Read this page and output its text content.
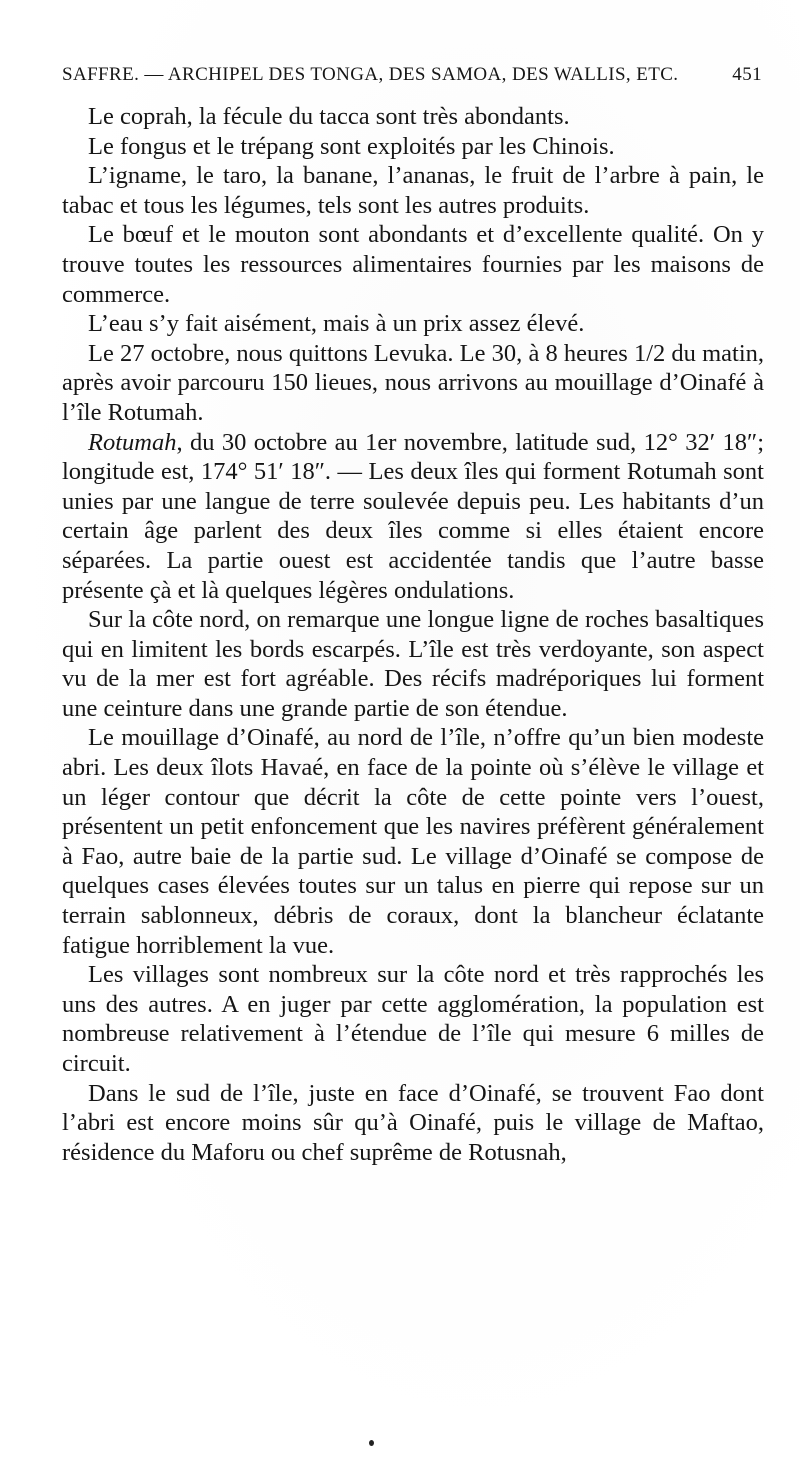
SAFFRE. — ARCHIPEL DES TONGA, DES SAMOA, DES WALLIS, ETC.	451

Le coprah, la fécule du tacca sont très abondants.

Le fongus et le trépang sont exploités par les Chinois.

L’igname, le taro, la banane, l’ananas, le fruit de l’arbre à pain, le tabac et tous les légumes, tels sont les autres produits.

Le bœuf et le mouton sont abondants et d’excellente qualité. On y trouve toutes les ressources alimentaires fournies par les maisons de commerce.

L’eau s’y fait aisément, mais à un prix assez élevé.

Le 27 octobre, nous quittons Levuka. Le 30, à 8 heures 1/2 du matin, après avoir parcouru 150 lieues, nous arrivons au mouillage d’Oinafé à l’île Rotumah.

Rotumah, du 30 octobre au 1er novembre, latitude sud, 12° 32′ 18″; longitude est, 174° 51′ 18″. — Les deux îles qui forment Rotumah sont unies par une langue de terre soulevée depuis peu. Les habitants d’un certain âge parlent des deux îles comme si elles étaient encore séparées. La partie ouest est accidentée tandis que l’autre basse présente çà et là quelques légères ondulations.

Sur la côte nord, on remarque une longue ligne de roches basaltiques qui en limitent les bords escarpés. L’île est très verdoyante, son aspect vu de la mer est fort agréable. Des récifs madréporiques lui forment une ceinture dans une grande partie de son étendue.

Le mouillage d’Oinafé, au nord de l’île, n’offre qu’un bien modeste abri. Les deux îlots Havaé, en face de la pointe où s’élève le village et un léger contour que décrit la côte de cette pointe vers l’ouest, présentent un petit enfoncement que les navires préfèrent généralement à Fao, autre baie de la partie sud. Le village d’Oinafé se compose de quelques cases élevées toutes sur un talus en pierre qui repose sur un terrain sablonneux, débris de coraux, dont la blancheur éclatante fatigue horriblement la vue.

Les villages sont nombreux sur la côte nord et très rapprochés les uns des autres. A en juger par cette agglomération, la population est nombreuse relativement à l’étendue de l’île qui mesure 6 milles de circuit.

Dans le sud de l’île, juste en face d’Oinafé, se trouvent Fao dont l’abri est encore moins sûr qu’à Oinafé, puis le village de Maftao, résidence du Maforu ou chef suprême de Rotusnah,
